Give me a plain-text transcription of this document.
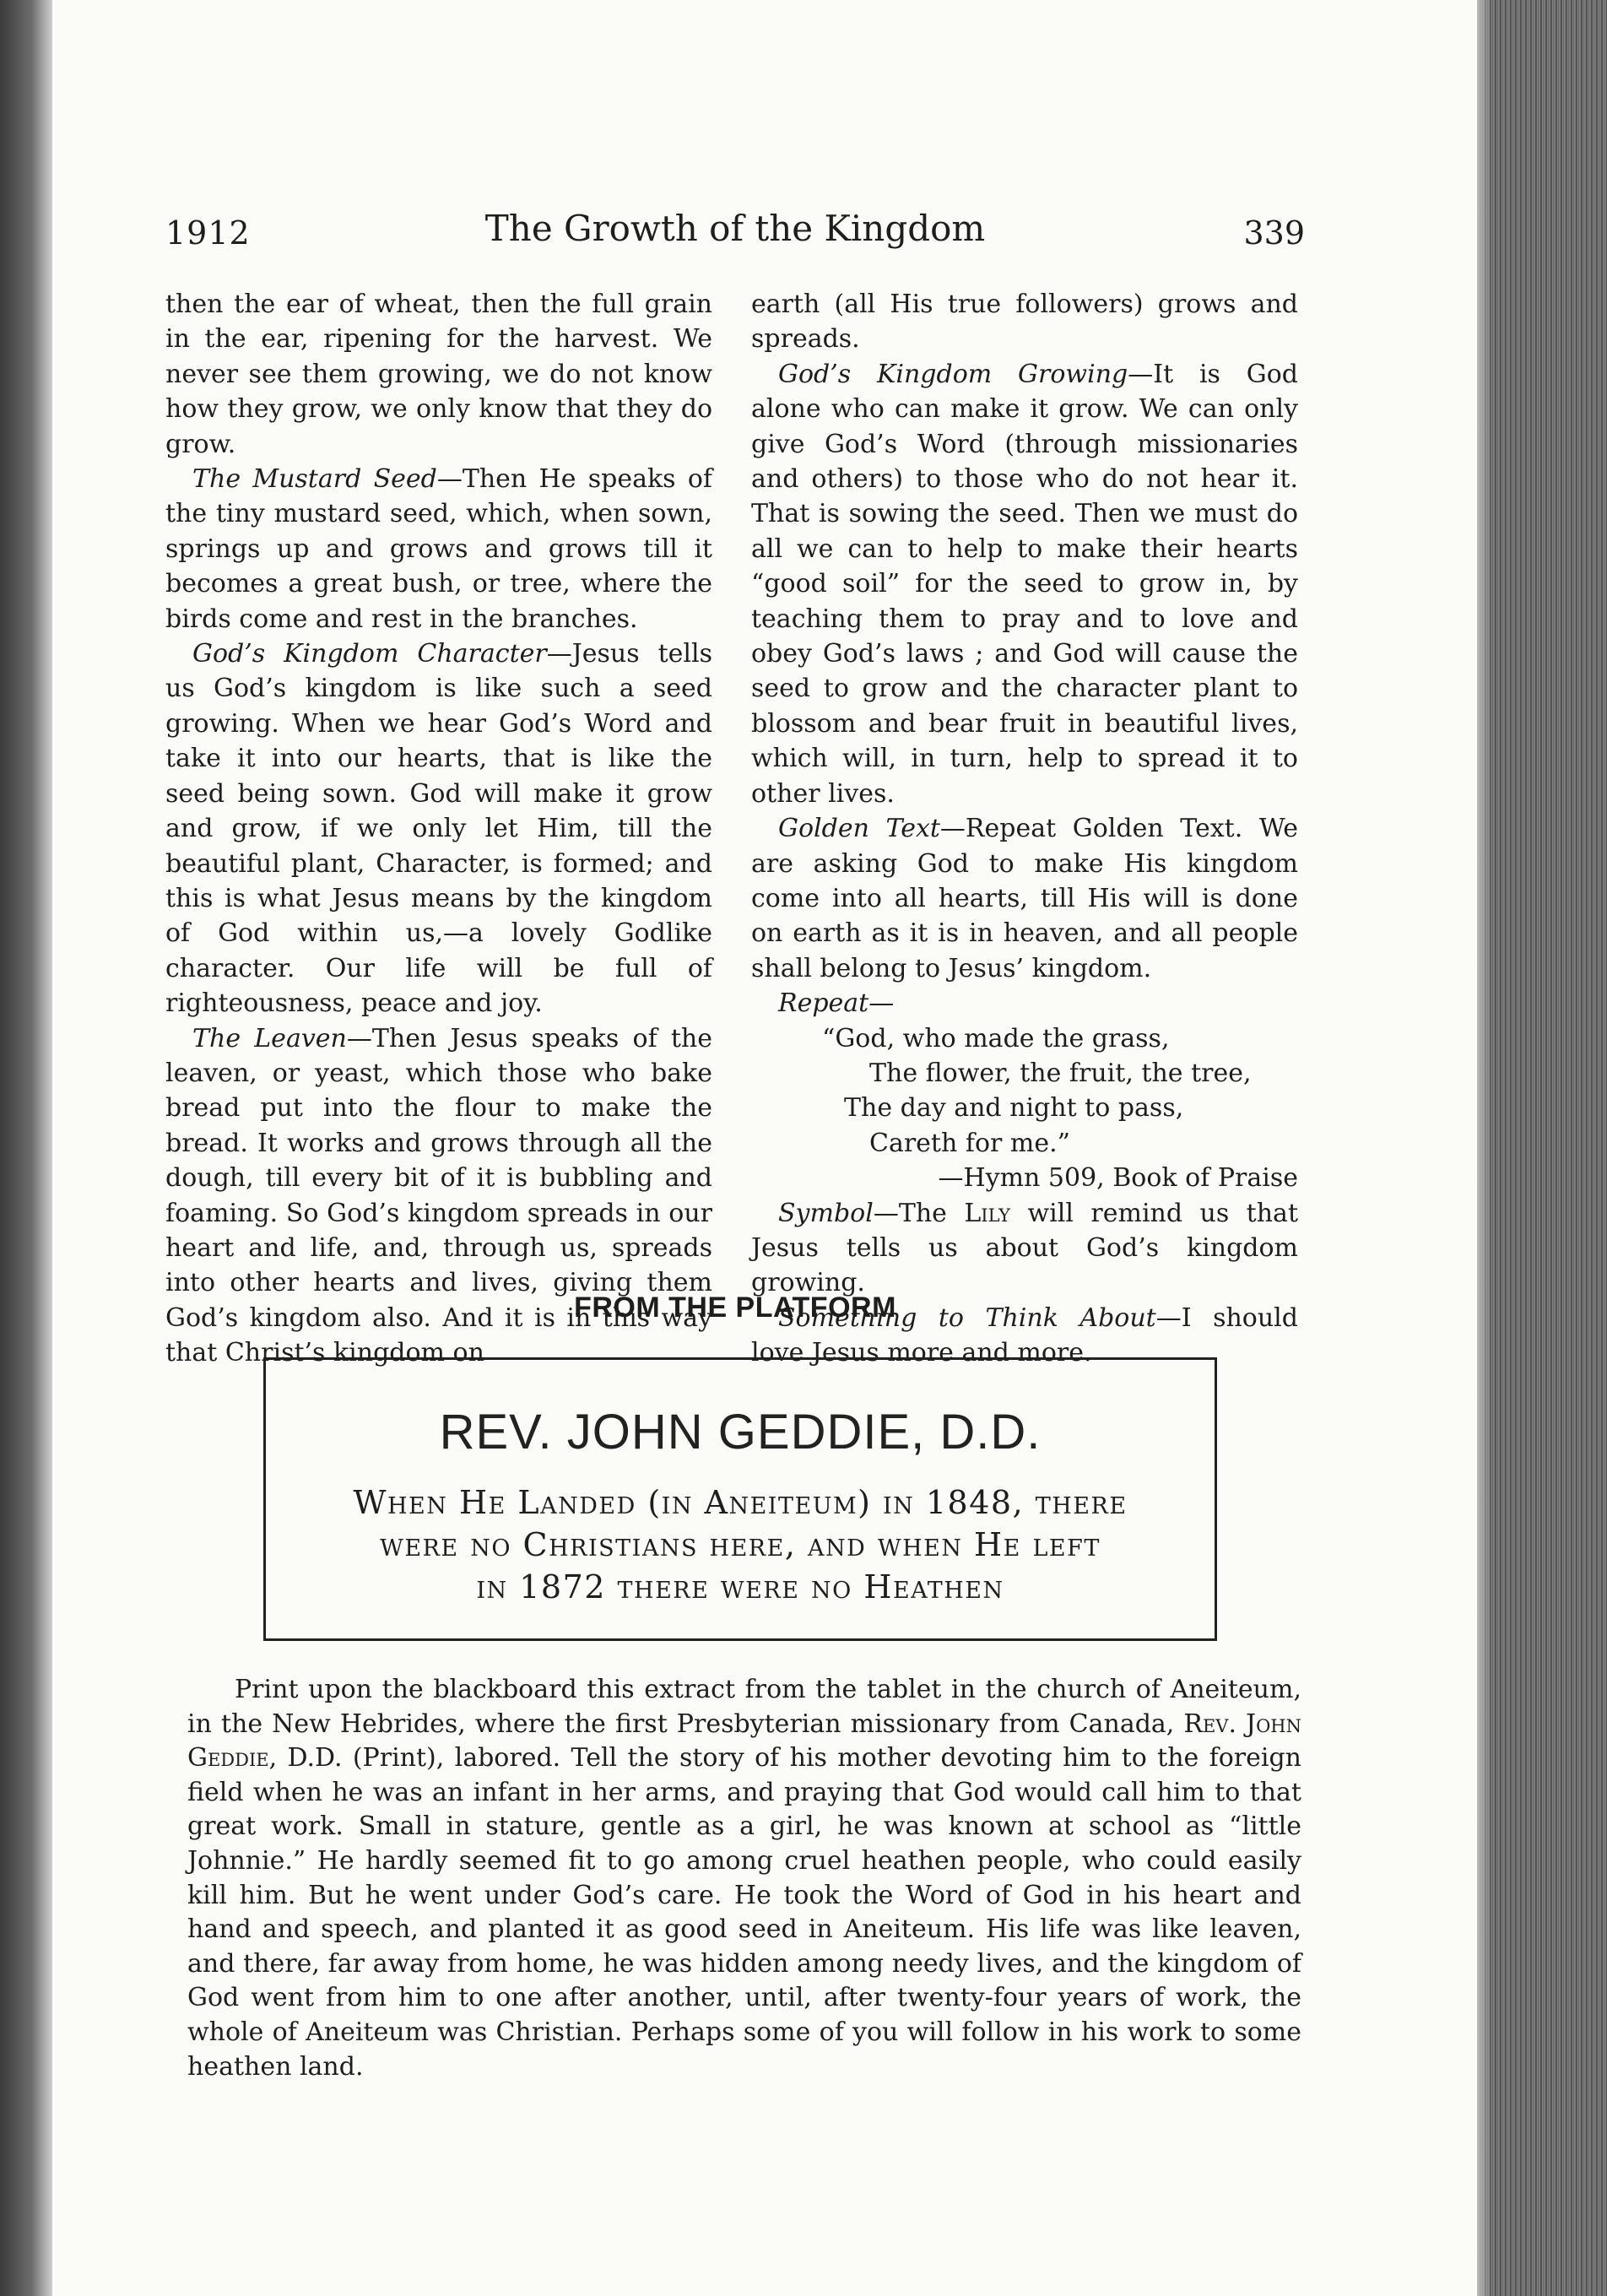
1912	The Growth of the Kingdom	339

then the ear of wheat, then the full grain in the ear, ripening for the harvest. We never see them growing, we do not know how they grow, we only know that they do grow.

The Mustard Seed—Then He speaks of the tiny mustard seed, which, when sown, springs up and grows and grows till it becomes a great bush, or tree, where the birds come and rest in the branches.

God’s Kingdom Character—Jesus tells us God’s kingdom is like such a seed growing. When we hear God’s Word and take it into our hearts, that is like the seed being sown. God will make it grow and grow, if we only let Him, till the beautiful plant, Character, is formed; and this is what Jesus means by the kingdom of God within us,—a lovely Godlike character. Our life will be full of righteousness, peace and joy.

The Leaven—Then Jesus speaks of the leaven, or yeast, which those who bake bread put into the flour to make the bread. It works and grows through all the dough, till every bit of it is bubbling and foaming. So God’s kingdom spreads in our heart and life, and, through us, spreads into other hearts and lives, giving them God’s kingdom also. And it is in this way that Christ’s kingdom on

earth (all His true followers) grows and spreads.

God’s Kingdom Growing—It is God alone who can make it grow. We can only give God’s Word (through missionaries and others) to those who do not hear it. That is sowing the seed. Then we must do all we can to help to make their hearts “good soil” for the seed to grow in, by teaching them to pray and to love and obey God’s laws ; and God will cause the seed to grow and the character plant to blossom and bear fruit in beautiful lives, which will, in turn, help to spread it to other lives.

Golden Text—Repeat Golden Text. We are asking God to make His kingdom come into all hearts, till His will is done on earth as it is in heaven, and all people shall belong to Jesus’ kingdom.

Repeat—

“God, who made the grass,
The flower, the fruit, the tree,
The day and night to pass,
Careth for me.”
—Hymn 509, Book of Praise

Symbol—The Lily will remind us that Jesus tells us about God’s kingdom growing.

Something to Think About—I should love Jesus more and more.

FROM THE PLATFORM
REV. JOHN GEDDIE, D.D.
When He Landed (in Aneiteum) in 1848, there
were no Christians here, and when He left
in 1872 there were no Heathen

Print upon the blackboard this extract from the tablet in the church of Aneiteum, in the New Hebrides, where the first Presbyterian missionary from Canada, Rev. John Geddie, D.D. (Print), labored. Tell the story of his mother devoting him to the foreign field when he was an infant in her arms, and praying that God would call him to that great work. Small in stature, gentle as a girl, he was known at school as “little Johnnie.” He hardly seemed fit to go among cruel heathen people, who could easily kill him. But he went under God’s care. He took the Word of God in his heart and hand and speech, and planted it as good seed in Aneiteum. His life was like leaven, and there, far away from home, he was hidden among needy lives, and the kingdom of God went from him to one after another, until, after twenty-four years of work, the whole of Aneiteum was Christian. Perhaps some of you will follow in his work to some heathen land.
